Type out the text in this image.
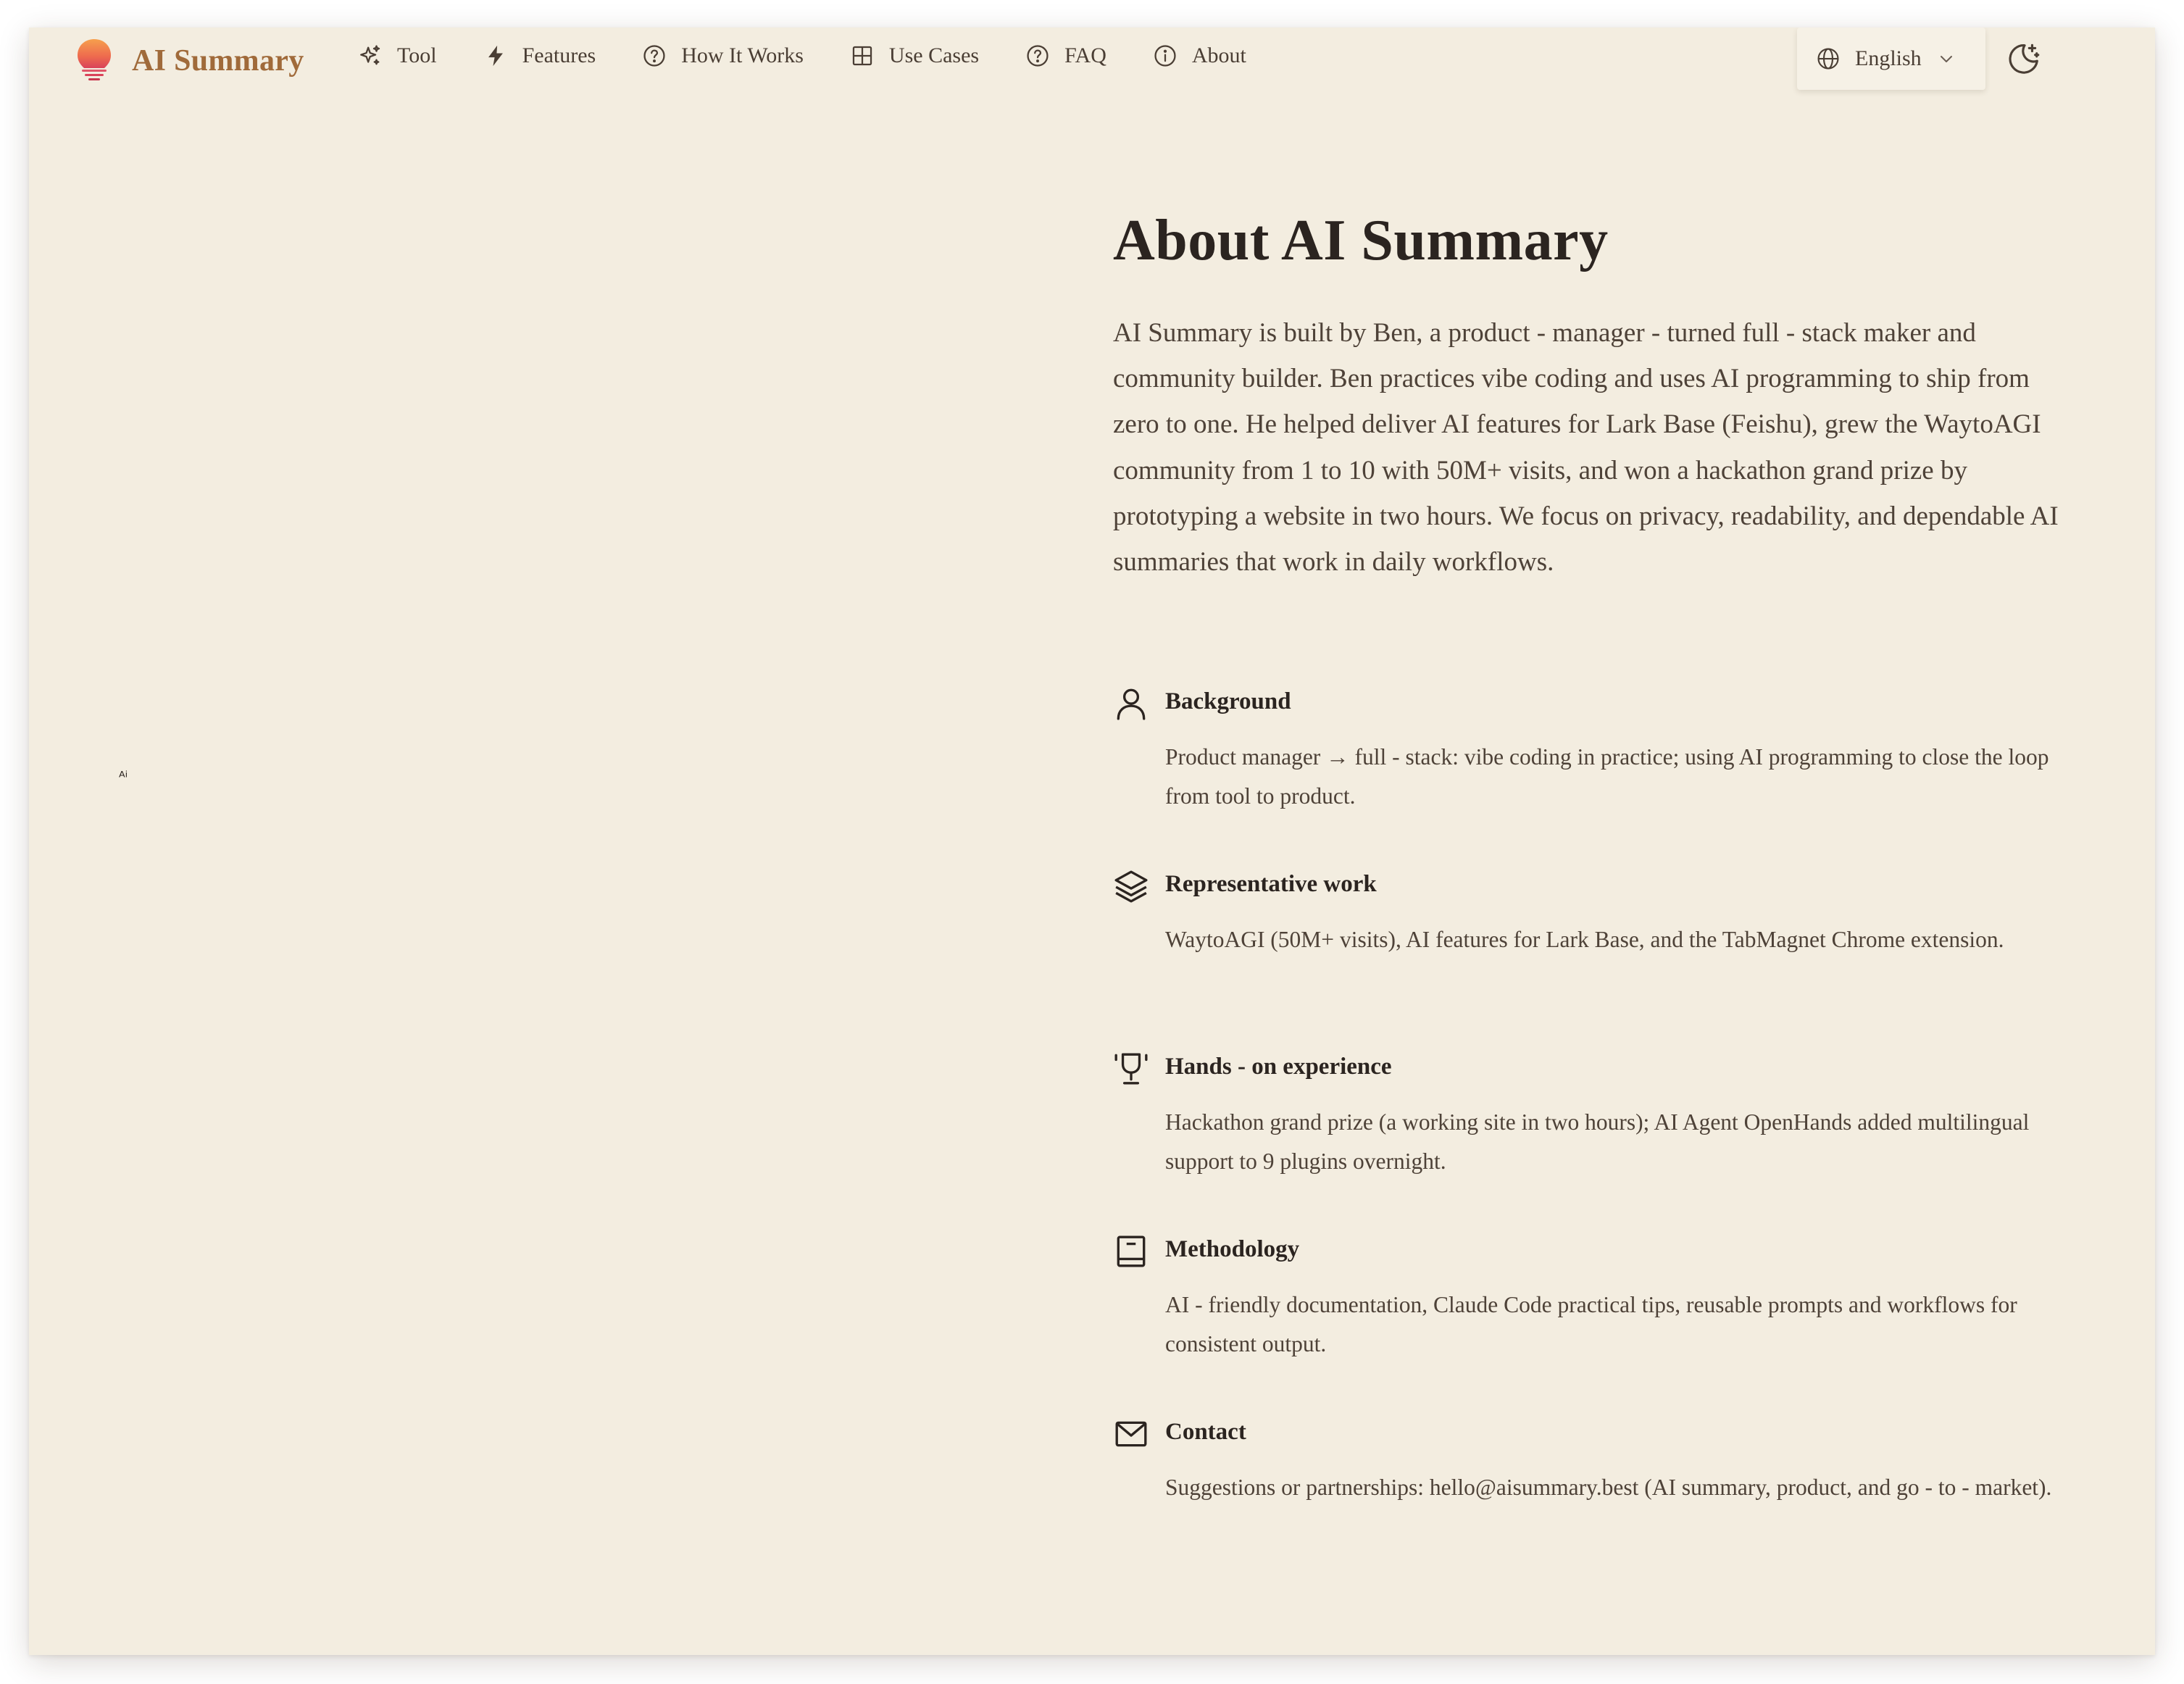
AI Summary	Tool	Features	How It Works	Use Cases	FAQ	About	English
ᴬⁱ
About AI Summary

AI Summary is built by Ben, a product - manager - turned full - stack maker and community builder. Ben practices vibe coding and uses AI programming to ship from zero to one. He helped deliver AI features for Lark Base (Feishu), grew the WaytoAGI community from 1 to 10 with 50M+ visits, and won a hackathon grand prize by prototyping a website in two hours. We focus on privacy, readability, and dependable AI summaries that work in daily workflows.

Background

Product manager → full - stack: vibe coding in practice; using AI programming to close the loop from tool to product.

Representative work

WaytoAGI (50M+ visits), AI features for Lark Base, and the TabMagnet Chrome extension.

Hands - on experience

Hackathon grand prize (a working site in two hours); AI Agent OpenHands added multilingual support to 9 plugins overnight.

Methodology

AI - friendly documentation, Claude Code practical tips, reusable prompts and workflows for consistent output.

Contact

Suggestions or partnerships: hello@aisummary.best (AI summary, product, and go - to - market).
